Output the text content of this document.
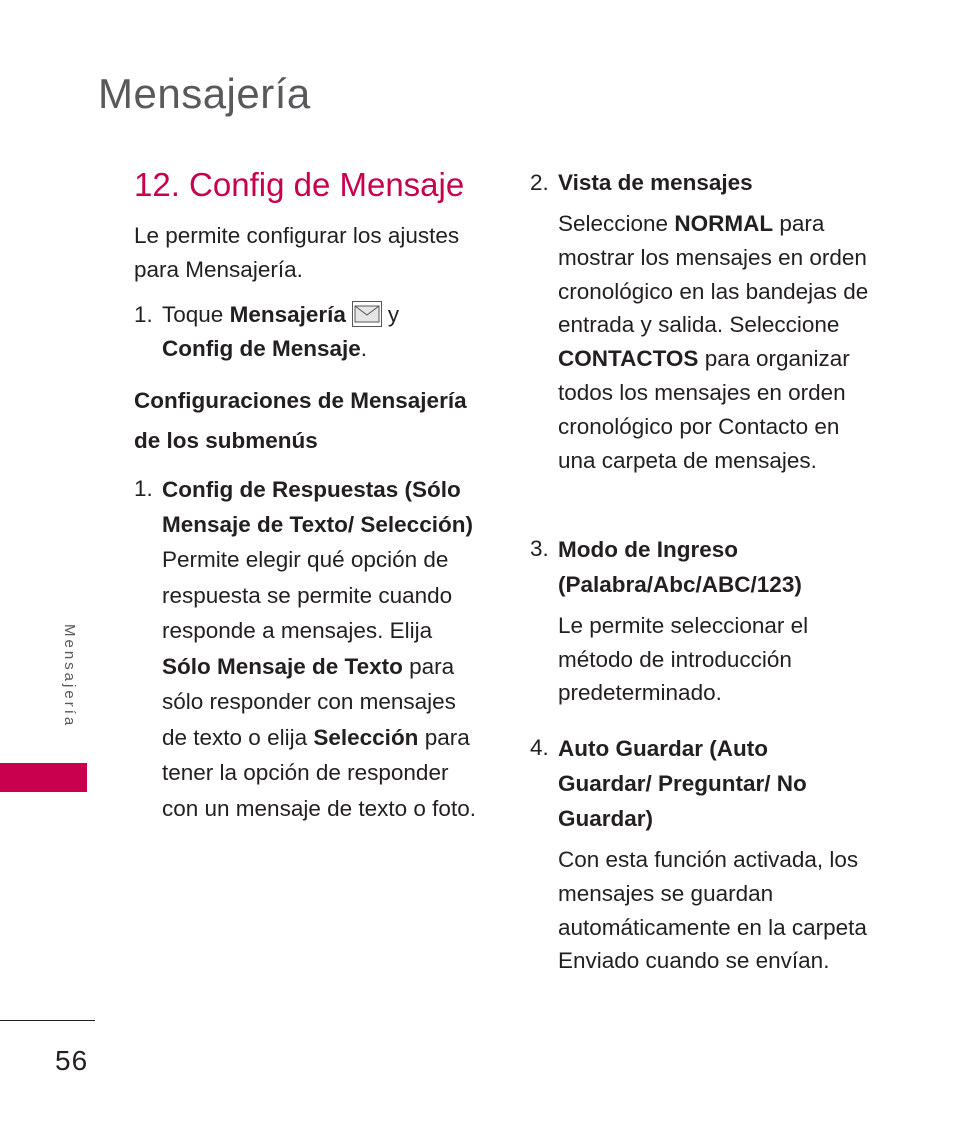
Mensajería
12. Config de Mensaje
Le permite configurar los ajustes para Mensajería.
1. Toque Mensajería y
Config de Mensaje.
Configuraciones de Mensajería de los submenús
1. Config de Respuestas (Sólo Mensaje de Texto/ Selección)
Permite elegir qué opción de respuesta se permite cuando responde a mensajes. Elija Sólo Mensaje de Texto para sólo responder con mensajes de texto o elija Selección para tener la opción de responder con un mensaje de texto o foto.
2. Vista de mensajes
Seleccione NORMAL para mostrar los mensajes en orden cronológico en las bandejas de entrada y salida. Seleccione CONTACTOS para organizar todos los mensajes en orden cronológico por Contacto en una carpeta de mensajes.
3. Modo de Ingreso (Palabra/Abc/ABC/123)
Le permite seleccionar el método de introducción predeterminado.
4. Auto Guardar (Auto Guardar/ Preguntar/ No Guardar)
Con esta función activada, los mensajes se guardan automáticamente en la carpeta Enviado cuando se envían.
Mensajería
56
